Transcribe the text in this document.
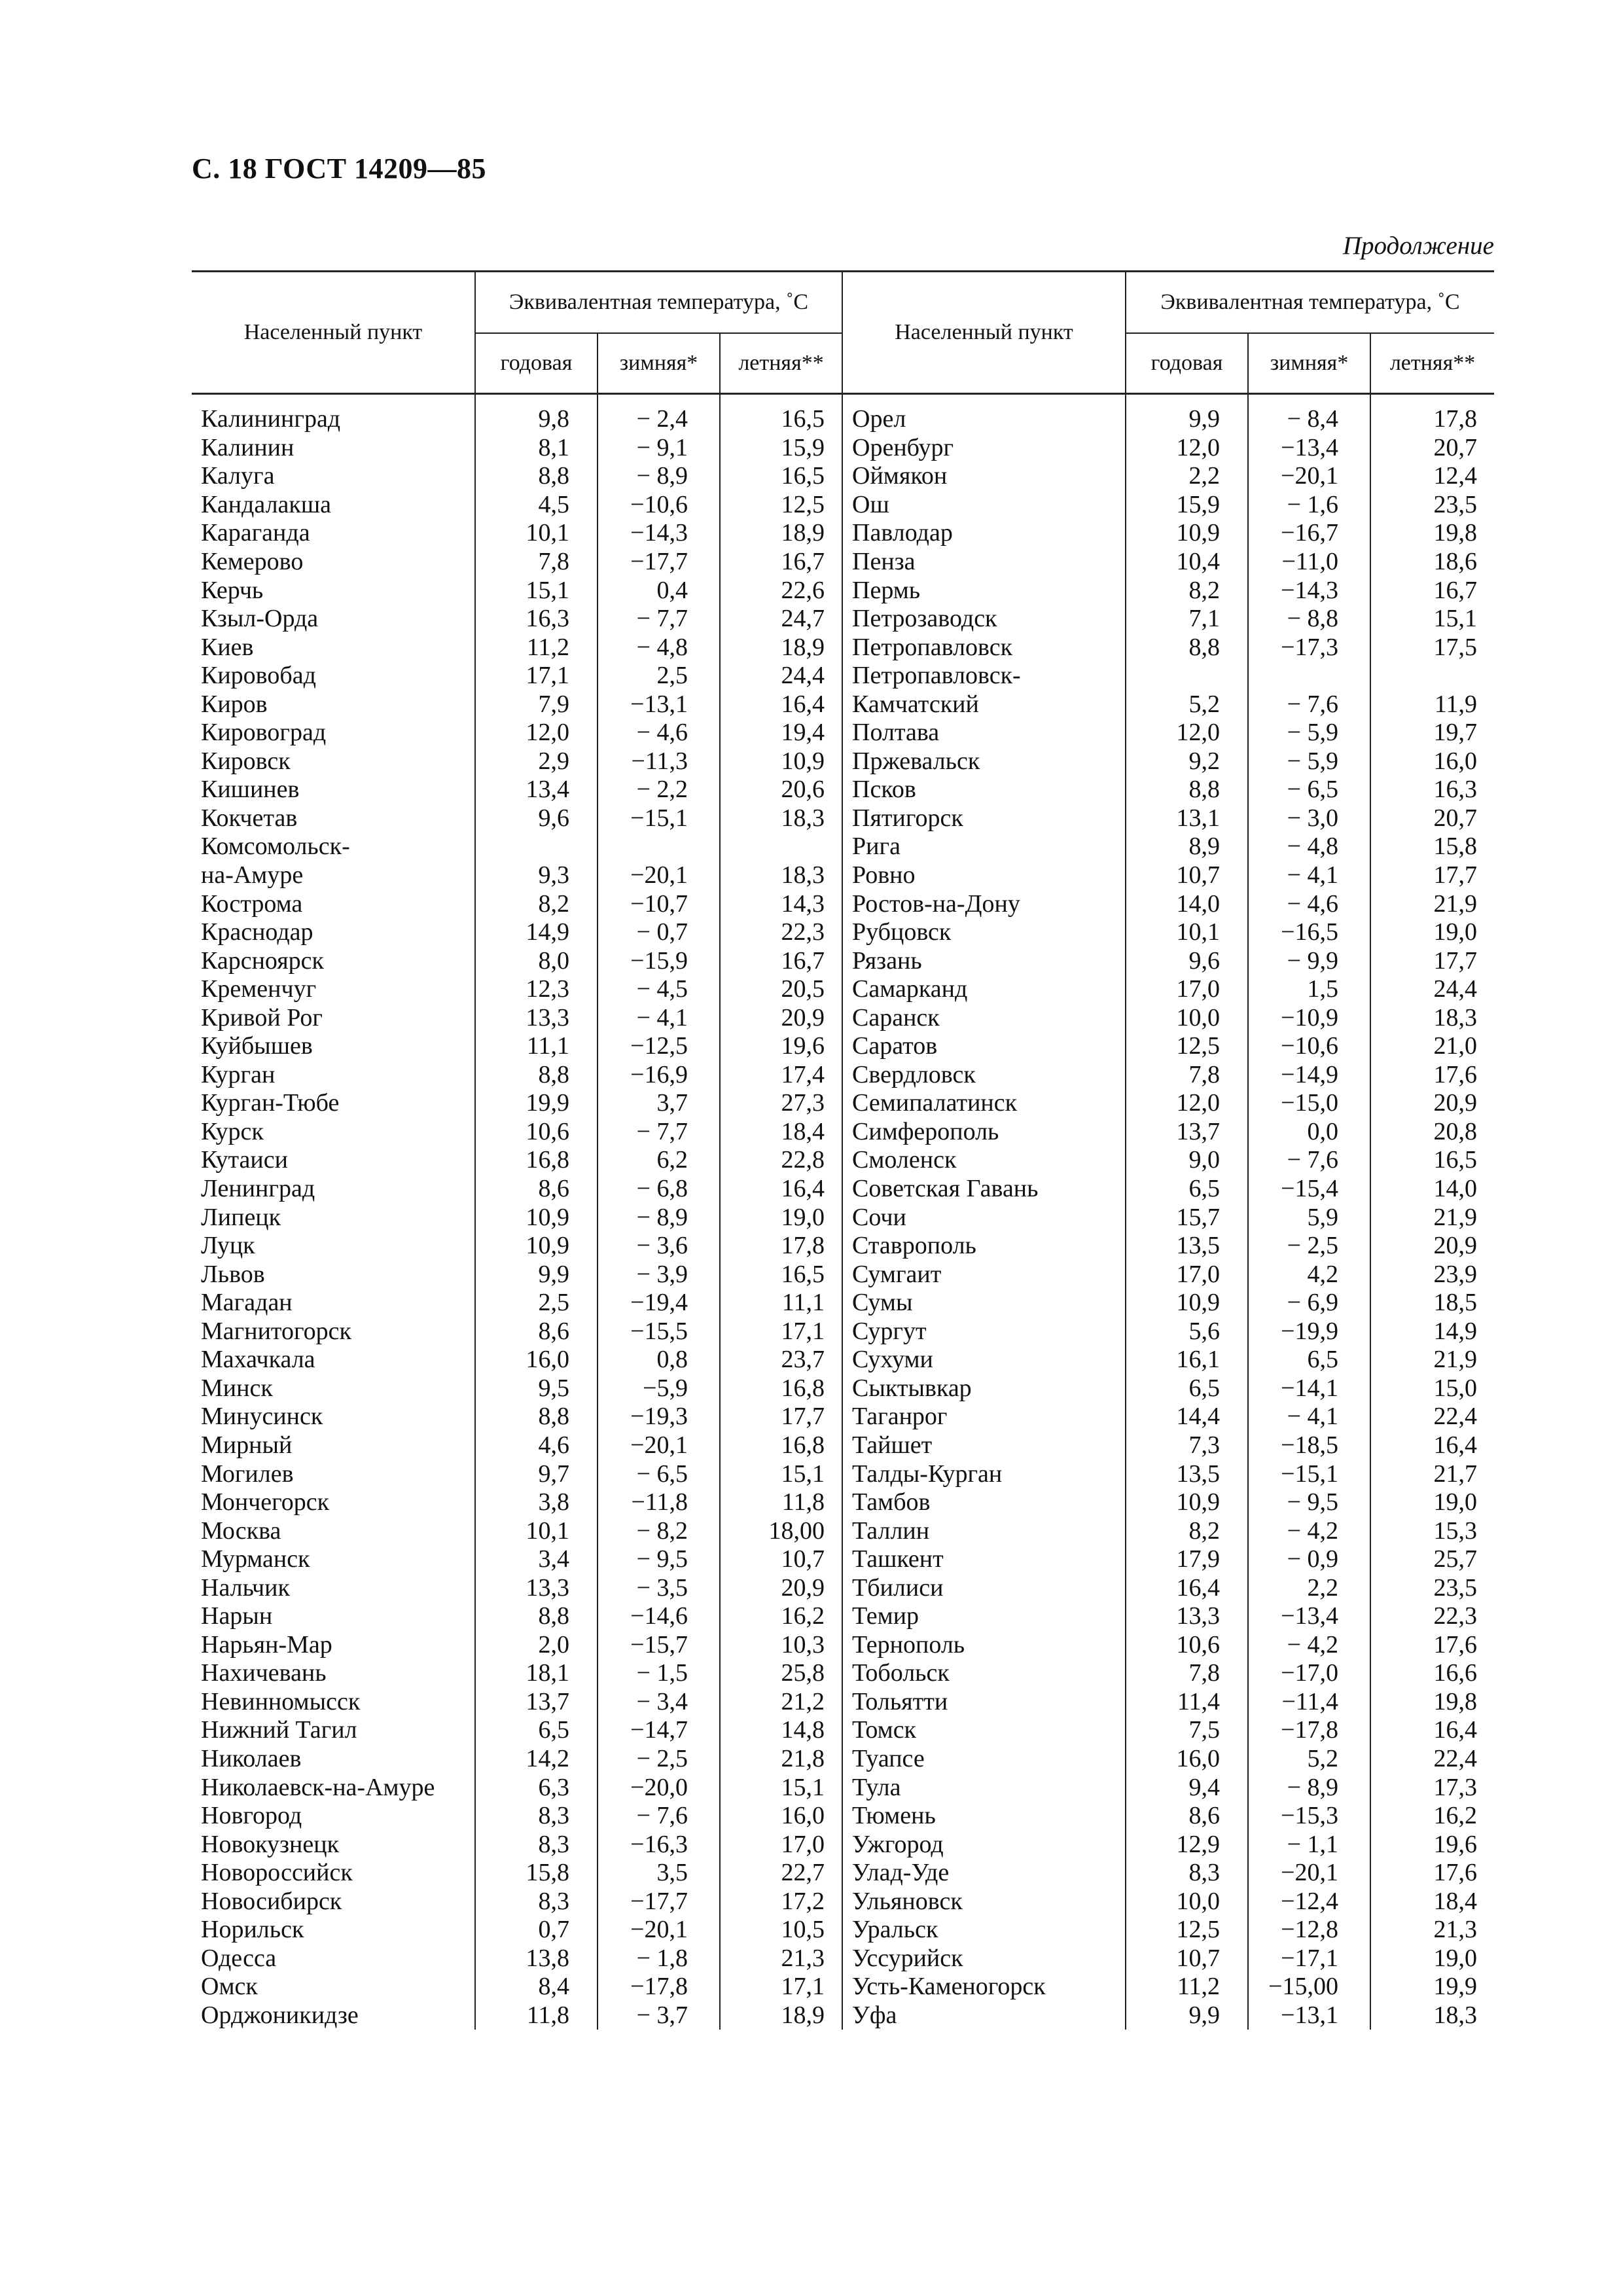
С. 18 ГОСТ 14209—85
Продолжение
Населенный пункт	Эквивалентная температура, ˚С			Населенный пункт	Эквивалентная температура, ˚С		
	годовая	зимняя*	летняя**		годовая	зимняя*	летняя**
Калининград	9,8	− 2,4	16,5	Орел	9,9	− 8,4	17,8
Калинин	8,1	− 9,1	15,9	Оренбург	12,0	−13,4	20,7
Калуга	8,8	− 8,9	16,5	Оймякон	2,2	−20,1	12,4
Кандалакша	4,5	−10,6	12,5	Ош	15,9	− 1,6	23,5
Караганда	10,1	−14,3	18,9	Павлодар	10,9	−16,7	19,8
Кемерово	7,8	−17,7	16,7	Пенза	10,4	−11,0	18,6
Керчь	15,1	0,4	22,6	Пермь	8,2	−14,3	16,7
Кзыл-Орда	16,3	− 7,7	24,7	Петрозаводск	7,1	− 8,8	15,1
Киев	11,2	− 4,8	18,9	Петропавловск	8,8	−17,3	17,5
Кировобад	17,1	2,5	24,4	Петропавловск-			
Киров	7,9	−13,1	16,4	Камчатский	5,2	− 7,6	11,9
Кировоград	12,0	− 4,6	19,4	Полтава	12,0	− 5,9	19,7
Кировск	2,9	−11,3	10,9	Пржевальск	9,2	− 5,9	16,0
Кишинев	13,4	− 2,2	20,6	Псков	8,8	− 6,5	16,3
Кокчетав	9,6	−15,1	18,3	Пятигорск	13,1	− 3,0	20,7
Комсомольск-				Рига	8,9	− 4,8	15,8
на-Амуре	9,3	−20,1	18,3	Ровно	10,7	− 4,1	17,7
Кострома	8,2	−10,7	14,3	Ростов-на-Дону	14,0	− 4,6	21,9
Краснодар	14,9	− 0,7	22,3	Рубцовск	10,1	−16,5	19,0
Карсноярск	8,0	−15,9	16,7	Рязань	9,6	− 9,9	17,7
Кременчуг	12,3	− 4,5	20,5	Самарканд	17,0	1,5	24,4
Кривой Рог	13,3	− 4,1	20,9	Саранск	10,0	−10,9	18,3
Куйбышев	11,1	−12,5	19,6	Саратов	12,5	−10,6	21,0
Курган	8,8	−16,9	17,4	Свердловск	7,8	−14,9	17,6
Курган-Тюбе	19,9	3,7	27,3	Семипалатинск	12,0	−15,0	20,9
Курск	10,6	− 7,7	18,4	Симферополь	13,7	0,0	20,8
Кутаиси	16,8	6,2	22,8	Смоленск	9,0	− 7,6	16,5
Ленинград	8,6	− 6,8	16,4	Советская Гавань	6,5	−15,4	14,0
Липецк	10,9	− 8,9	19,0	Сочи	15,7	5,9	21,9
Луцк	10,9	− 3,6	17,8	Ставрополь	13,5	− 2,5	20,9
Львов	9,9	− 3,9	16,5	Сумгаит	17,0	4,2	23,9
Магадан	2,5	−19,4	11,1	Сумы	10,9	− 6,9	18,5
Магнитогорск	8,6	−15,5	17,1	Сургут	5,6	−19,9	14,9
Махачкала	16,0	0,8	23,7	Сухуми	16,1	6,5	21,9
Минск	9,5	−5,9	16,8	Сыктывкар	6,5	−14,1	15,0
Минусинск	8,8	−19,3	17,7	Таганрог	14,4	− 4,1	22,4
Мирный	4,6	−20,1	16,8	Тайшет	7,3	−18,5	16,4
Могилев	9,7	− 6,5	15,1	Талды-Курган	13,5	−15,1	21,7
Мончегорск	3,8	−11,8	11,8	Тамбов	10,9	− 9,5	19,0
Москва	10,1	− 8,2	18,00	Таллин	8,2	− 4,2	15,3
Мурманск	3,4	− 9,5	10,7	Ташкент	17,9	− 0,9	25,7
Нальчик	13,3	− 3,5	20,9	Тбилиси	16,4	2,2	23,5
Нарын	8,8	−14,6	16,2	Темир	13,3	−13,4	22,3
Нарьян-Мар	2,0	−15,7	10,3	Тернополь	10,6	− 4,2	17,6
Нахичевань	18,1	− 1,5	25,8	Тобольск	7,8	−17,0	16,6
Невинномысск	13,7	− 3,4	21,2	Тольятти	11,4	−11,4	19,8
Нижний Тагил	6,5	−14,7	14,8	Томск	7,5	−17,8	16,4
Николаев	14,2	− 2,5	21,8	Туапсе	16,0	5,2	22,4
Николаевск-на-Амуре	6,3	−20,0	15,1	Тула	9,4	− 8,9	17,3
Новгород	8,3	− 7,6	16,0	Тюмень	8,6	−15,3	16,2
Новокузнецк	8,3	−16,3	17,0	Ужгород	12,9	− 1,1	19,6
Новороссийск	15,8	3,5	22,7	Улад-Уде	8,3	−20,1	17,6
Новосибирск	8,3	−17,7	17,2	Ульяновск	10,0	−12,4	18,4
Норильск	0,7	−20,1	10,5	Уральск	12,5	−12,8	21,3
Одесса	13,8	− 1,8	21,3	Уссурийск	10,7	−17,1	19,0
Омск	8,4	−17,8	17,1	Усть-Каменогорск	11,2	−15,00	19,9
Орджоникидзе	11,8	− 3,7	18,9	Уфа	9,9	−13,1	18,3
